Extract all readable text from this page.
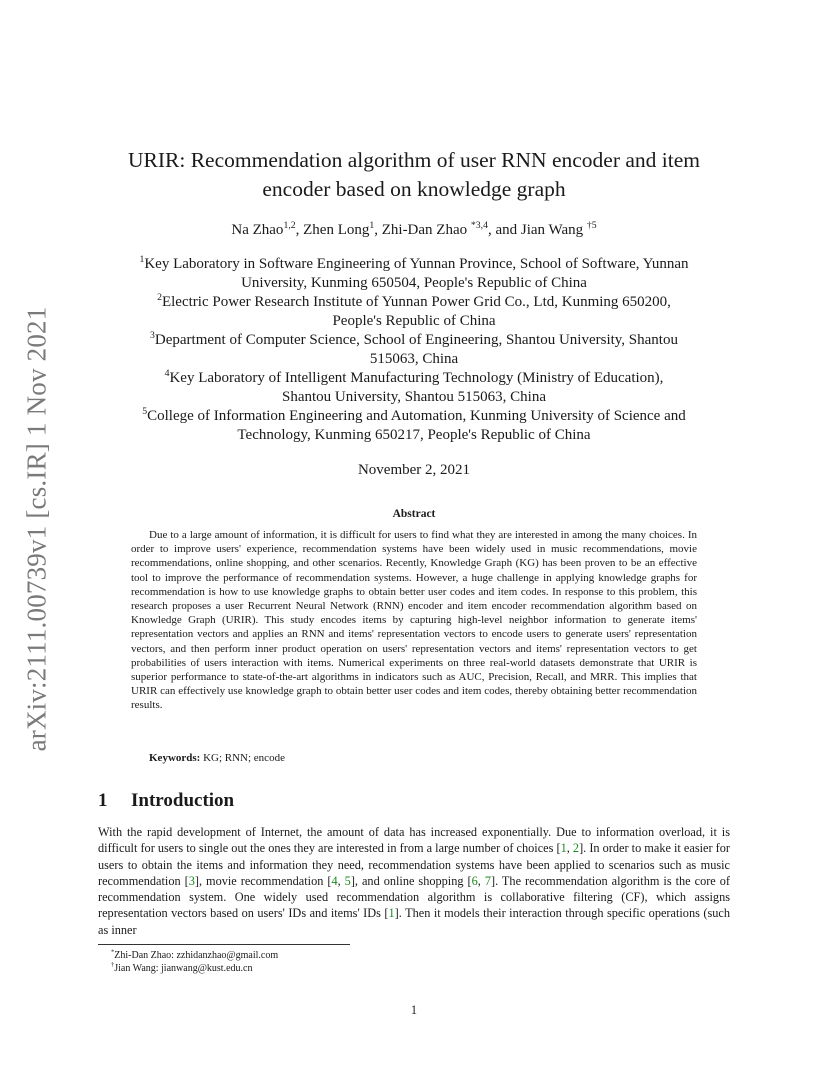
arXiv:2111.00739v1 [cs.IR] 1 Nov 2021
URIR: Recommendation algorithm of user RNN encoder and item
encoder based on knowledge graph
Na Zhao$^{1,2}$, Zhen Long$^1$, Zhi-Dan Zhao $^{*3,4}$, and Jian Wang $^{\dagger 5}$
$^1$Key Laboratory in Software Engineering of Yunnan Province, School of Software, Yunnan
University, Kunming 650504, People's Republic of China
$^2$Electric Power Research Institute of Yunnan Power Grid Co., Ltd, Kunming 650200,
People's Republic of China
$^3$Department of Computer Science, School of Engineering, Shantou University, Shantou
515063, China
$^4$Key Laboratory of Intelligent Manufacturing Technology (Ministry of Education),
Shantou University, Shantou 515063, China
$^5$College of Information Engineering and Automation, Kunming University of Science and
Technology, Kunming 650217, People's Republic of China
November 2, 2021
Abstract
Due to a large amount of information, it is difficult for users to find what they are interested in among the many choices. In order to improve users' experience, recommendation systems have been widely used in music recommendations, movie recommendations, online shopping, and other scenarios. Recently, Knowledge Graph (KG) has been proven to be an effective tool to improve the performance of recommendation systems. However, a huge challenge in applying knowledge graphs for recommendation is how to use knowledge graphs to obtain better user codes and item codes. In response to this problem, this research proposes a user Recurrent Neural Network (RNN) encoder and item encoder recommendation algorithm based on Knowledge Graph (URIR). This study encodes items by capturing high-level neighbor information to generate items' representation vectors and applies an RNN and items' representation vectors to encode users to generate users' representation vectors, and then perform inner product operation on users' representation vectors and items' representation vectors to get probabilities of users interaction with items. Numerical experiments on three real-world datasets demonstrate that URIR is superior performance to state-of-the-art algorithms in indicators such as AUC, Precision, Recall, and MRR. This implies that URIR can effectively use knowledge graph to obtain better user codes and item codes, thereby obtaining better recommendation results.
Keywords: KG; RNN; encode
1 Introduction
With the rapid development of Internet, the amount of data has increased exponentially. Due to information overload, it is difficult for users to single out the ones they are interested in from a large number of choices [1, 2]. In order to make it easier for users to obtain the items and information they need, recommendation systems have been applied to scenarios such as music recommendation [3], movie recommendation [4, 5], and online shopping [6, 7]. The recommendation algorithm is the core of recommendation system. One widely used recommendation algorithm is collaborative filtering (CF), which assigns representation vectors based on users' IDs and items' IDs [1]. Then it models their interaction through specific operations (such as inner
*Zhi-Dan Zhao: zzhidanzhao@gmail.com
†Jian Wang: jianwang@kust.edu.cn
1
